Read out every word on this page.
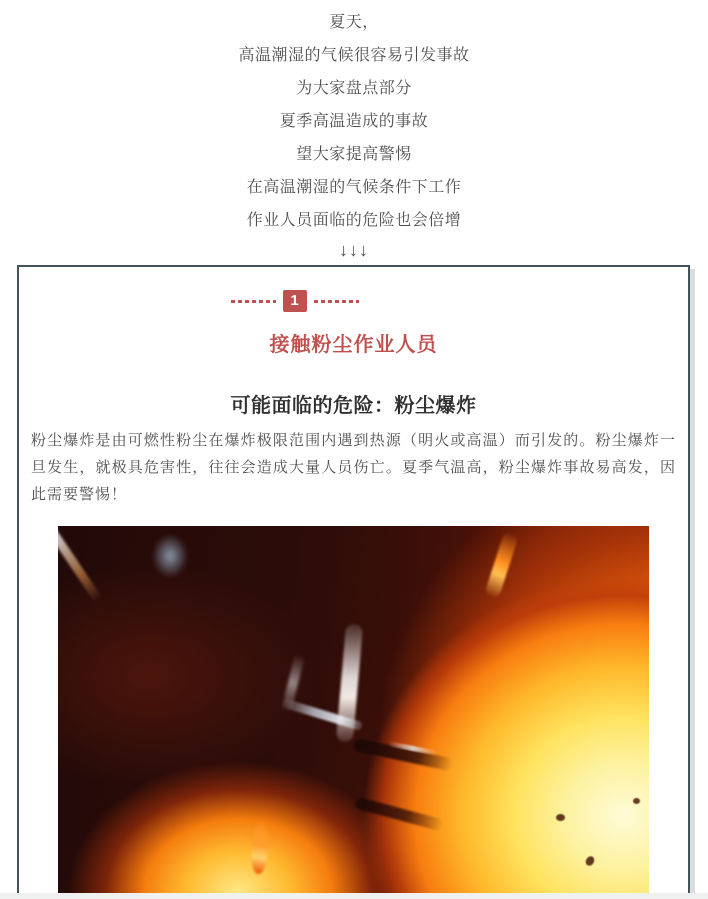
夏天，
高温潮湿的气候很容易引发事故
为大家盘点部分
夏季高温造成的事故
望大家提高警惕
在高温潮湿的气候条件下工作
作业人员面临的危险也会倍增
↓↓↓
1
接触粉尘作业人员
可能面临的危险：粉尘爆炸

粉尘爆炸是由可燃性粉尘在爆炸极限范围内遇到热源（明火或高温）而引发的。粉尘爆炸一旦发生，就极具危害性，往往会造成大量人员伤亡。夏季气温高，粉尘爆炸事故易高发，因此需要警惕！
